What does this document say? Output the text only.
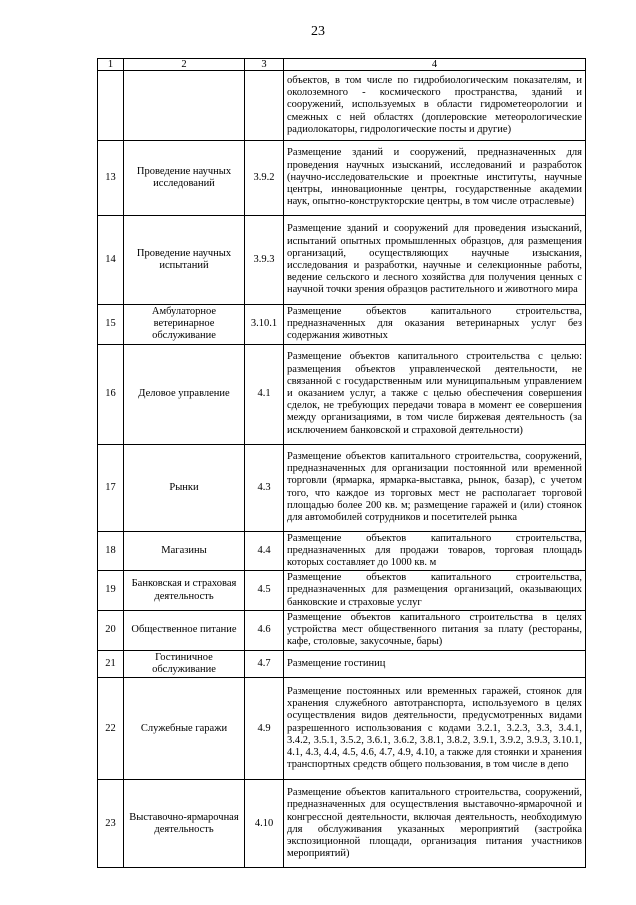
23
1	2	3	4
			объектов, в том числе по гидробиологическим показателям, и околоземного - космического пространства, зданий и сооружений, используемых в области гидрометеорологии и смежных с ней областях (доплеровские метеорологические радиолокаторы, гидрологические посты и другие)
13	Проведение научных исследований	3.9.2	Размещение зданий и сооружений, предназначенных для проведения научных изысканий, исследований и разработок (научно-исследовательские и проектные институты, научные центры, инновационные центры, государственные академии наук, опытно-конструкторские центры, в том числе отраслевые)
14	Проведение научных испытаний	3.9.3	Размещение зданий и сооружений для проведения изысканий, испытаний опытных промышленных образцов, для размещения организаций, осуществляющих научные изыскания, исследования и разработки, научные и селекционные работы, ведение сельского и лесного хозяйства для получения ценных с научной точки зрения образцов растительного и животного мира
15	Амбулаторное ветеринарное обслуживание	3.10.1	Размещение объектов капитального строительства, предназначенных для оказания ветеринарных услуг без содержания животных
16	Деловое управление	4.1	Размещение объектов капитального строительства с целью: размещения объектов управленческой деятельности, не связанной с государственным или муниципальным управлением и оказанием услуг, а также с целью обеспечения совершения сделок, не требующих передачи товара в момент ее совершения между организациями, в том числе биржевая деятельность (за исключением банковской и страховой деятельности)
17	Рынки	4.3	Размещение объектов капитального строительства, сооружений, предназначенных для организации постоянной или временной торговли (ярмарка, ярмарка-выставка, рынок, базар), с учетом того, что каждое из торговых мест не располагает торговой площадью более 200 кв. м; размещение гаражей и (или) стоянок для автомобилей сотрудников и посетителей рынка
18	Магазины	4.4	Размещение объектов капитального строительства, предназначенных для продажи товаров, торговая площадь которых составляет до 1000 кв. м
19	Банковская и страховая деятельность	4.5	Размещение объектов капитального строительства, предназначенных для размещения организаций, оказывающих банковские и страховые услуг
20	Общественное питание	4.6	Размещение объектов капитального строительства в целях устройства мест общественного питания за плату (рестораны, кафе, столовые, закусочные, бары)
21	Гостиничное обслуживание	4.7	Размещение гостиниц
22	Служебные гаражи	4.9	Размещение постоянных или временных гаражей, стоянок для хранения служебного автотранспорта, используемого в целях осуществления видов деятельности, предусмотренных видами разрешенного использования с кодами 3.2.1, 3.2.3, 3.3, 3.4.1, 3.4.2, 3.5.1, 3.5.2, 3.6.1, 3.6.2, 3.8.1, 3.8.2, 3.9.1, 3.9.2, 3.9.3, 3.10.1, 4.1, 4.3, 4.4, 4.5, 4.6, 4.7, 4.9, 4.10, а также для стоянки и хранения транспортных средств общего пользования, в том числе в депо
23	Выставочно-ярмарочная деятельность	4.10	Размещение объектов капитального строительства, сооружений, предназначенных для осуществления выставочно-ярмарочной и конгрессной деятельности, включая деятельность, необходимую для обслуживания указанных мероприятий (застройка экспозиционной площади, организация питания участников мероприятий)
